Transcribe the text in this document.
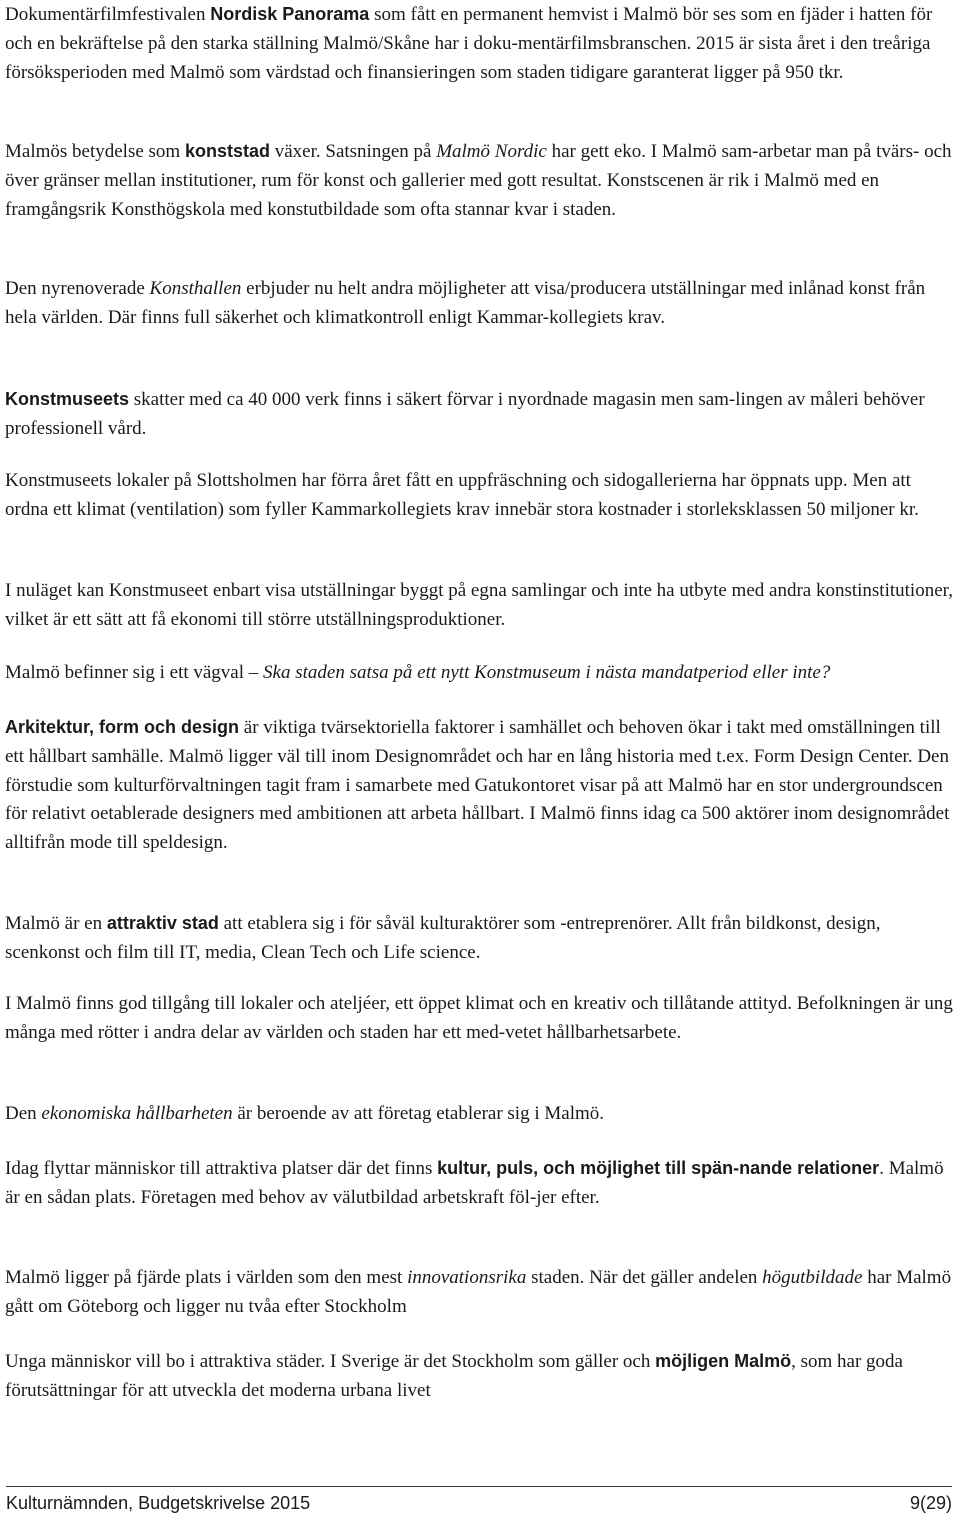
Dokumentärfilmfestivalen Nordisk Panorama som fått en permanent hemvist i Malmö bör ses som en fjäder i hatten för och en bekräftelse på den starka ställning Malmö/Skåne har i doku-mentärfilmsbranschen. 2015 är sista året i den treåriga försöksperioden med Malmö som värdstad och finansieringen som staden tidigare garanterat ligger på 950 tkr.

Malmös betydelse som konststad växer. Satsningen på Malmö Nordic har gett eko. I Malmö sam-arbetar man på tvärs- och över gränser mellan institutioner, rum för konst och gallerier med gott resultat. Konstscenen är rik i Malmö med en framgångsrik Konsthögskola med konstutbildade som ofta stannar kvar i staden.

Den nyrenoverade Konsthallen erbjuder nu helt andra möjligheter att visa/producera utställningar med inlånad konst från hela världen. Där finns full säkerhet och klimatkontroll enligt Kammar-kollegiets krav.

Konstmuseets skatter med ca 40 000 verk finns i säkert förvar i nyordnade magasin men sam-lingen av måleri behöver professionell vård.

Konstmuseets lokaler på Slottsholmen har förra året fått en uppfräschning och sidogallerierna har öppnats upp. Men att ordna ett klimat (ventilation) som fyller Kammarkollegiets krav innebär stora kostnader i storleksklassen 50 miljoner kr.

I nuläget kan Konstmuseet enbart visa utställningar byggt på egna samlingar och inte ha utbyte med andra konstinstitutioner, vilket är ett sätt att få ekonomi till större utställningsproduktioner.

Malmö befinner sig i ett vägval – Ska staden satsa på ett nytt Konstmuseum i nästa mandatperiod eller inte?

Arkitektur, form och design är viktiga tvärsektoriella faktorer i samhället och behoven ökar i takt med omställningen till ett hållbart samhälle. Malmö ligger väl till inom Designområdet och har en lång historia med t.ex. Form Design Center. Den förstudie som kulturförvaltningen tagit fram i samarbete med Gatukontoret visar på att Malmö har en stor undergroundscen för relativt oetablerade designers med ambitionen att arbeta hållbart. I Malmö finns idag ca 500 aktörer inom designområdet alltifrån mode till speldesign.

Malmö är en attraktiv stad att etablera sig i för såväl kulturaktörer som -entreprenörer. Allt från bildkonst, design, scenkonst och film till IT, media, Clean Tech och Life science.

I Malmö finns god tillgång till lokaler och ateljéer, ett öppet klimat och en kreativ och tillåtande attityd. Befolkningen är ung många med rötter i andra delar av världen och staden har ett med-vetet hållbarhetsarbete.

Den ekonomiska hållbarheten är beroende av att företag etablerar sig i Malmö.

Idag flyttar människor till attraktiva platser där det finns kultur, puls, och möjlighet till spän-nande relationer. Malmö är en sådan plats. Företagen med behov av välutbildad arbetskraft föl-jer efter.

Malmö ligger på fjärde plats i världen som den mest innovationsrika staden. När det gäller andelen högutbildade har Malmö gått om Göteborg och ligger nu tvåa efter Stockholm

Unga människor vill bo i attraktiva städer. I Sverige är det Stockholm som gäller och möjligen Malmö, som har goda förutsättningar för att utveckla det moderna urbana livet

Kulturnämnden, Budgetskrivelse 2015	9(29)
